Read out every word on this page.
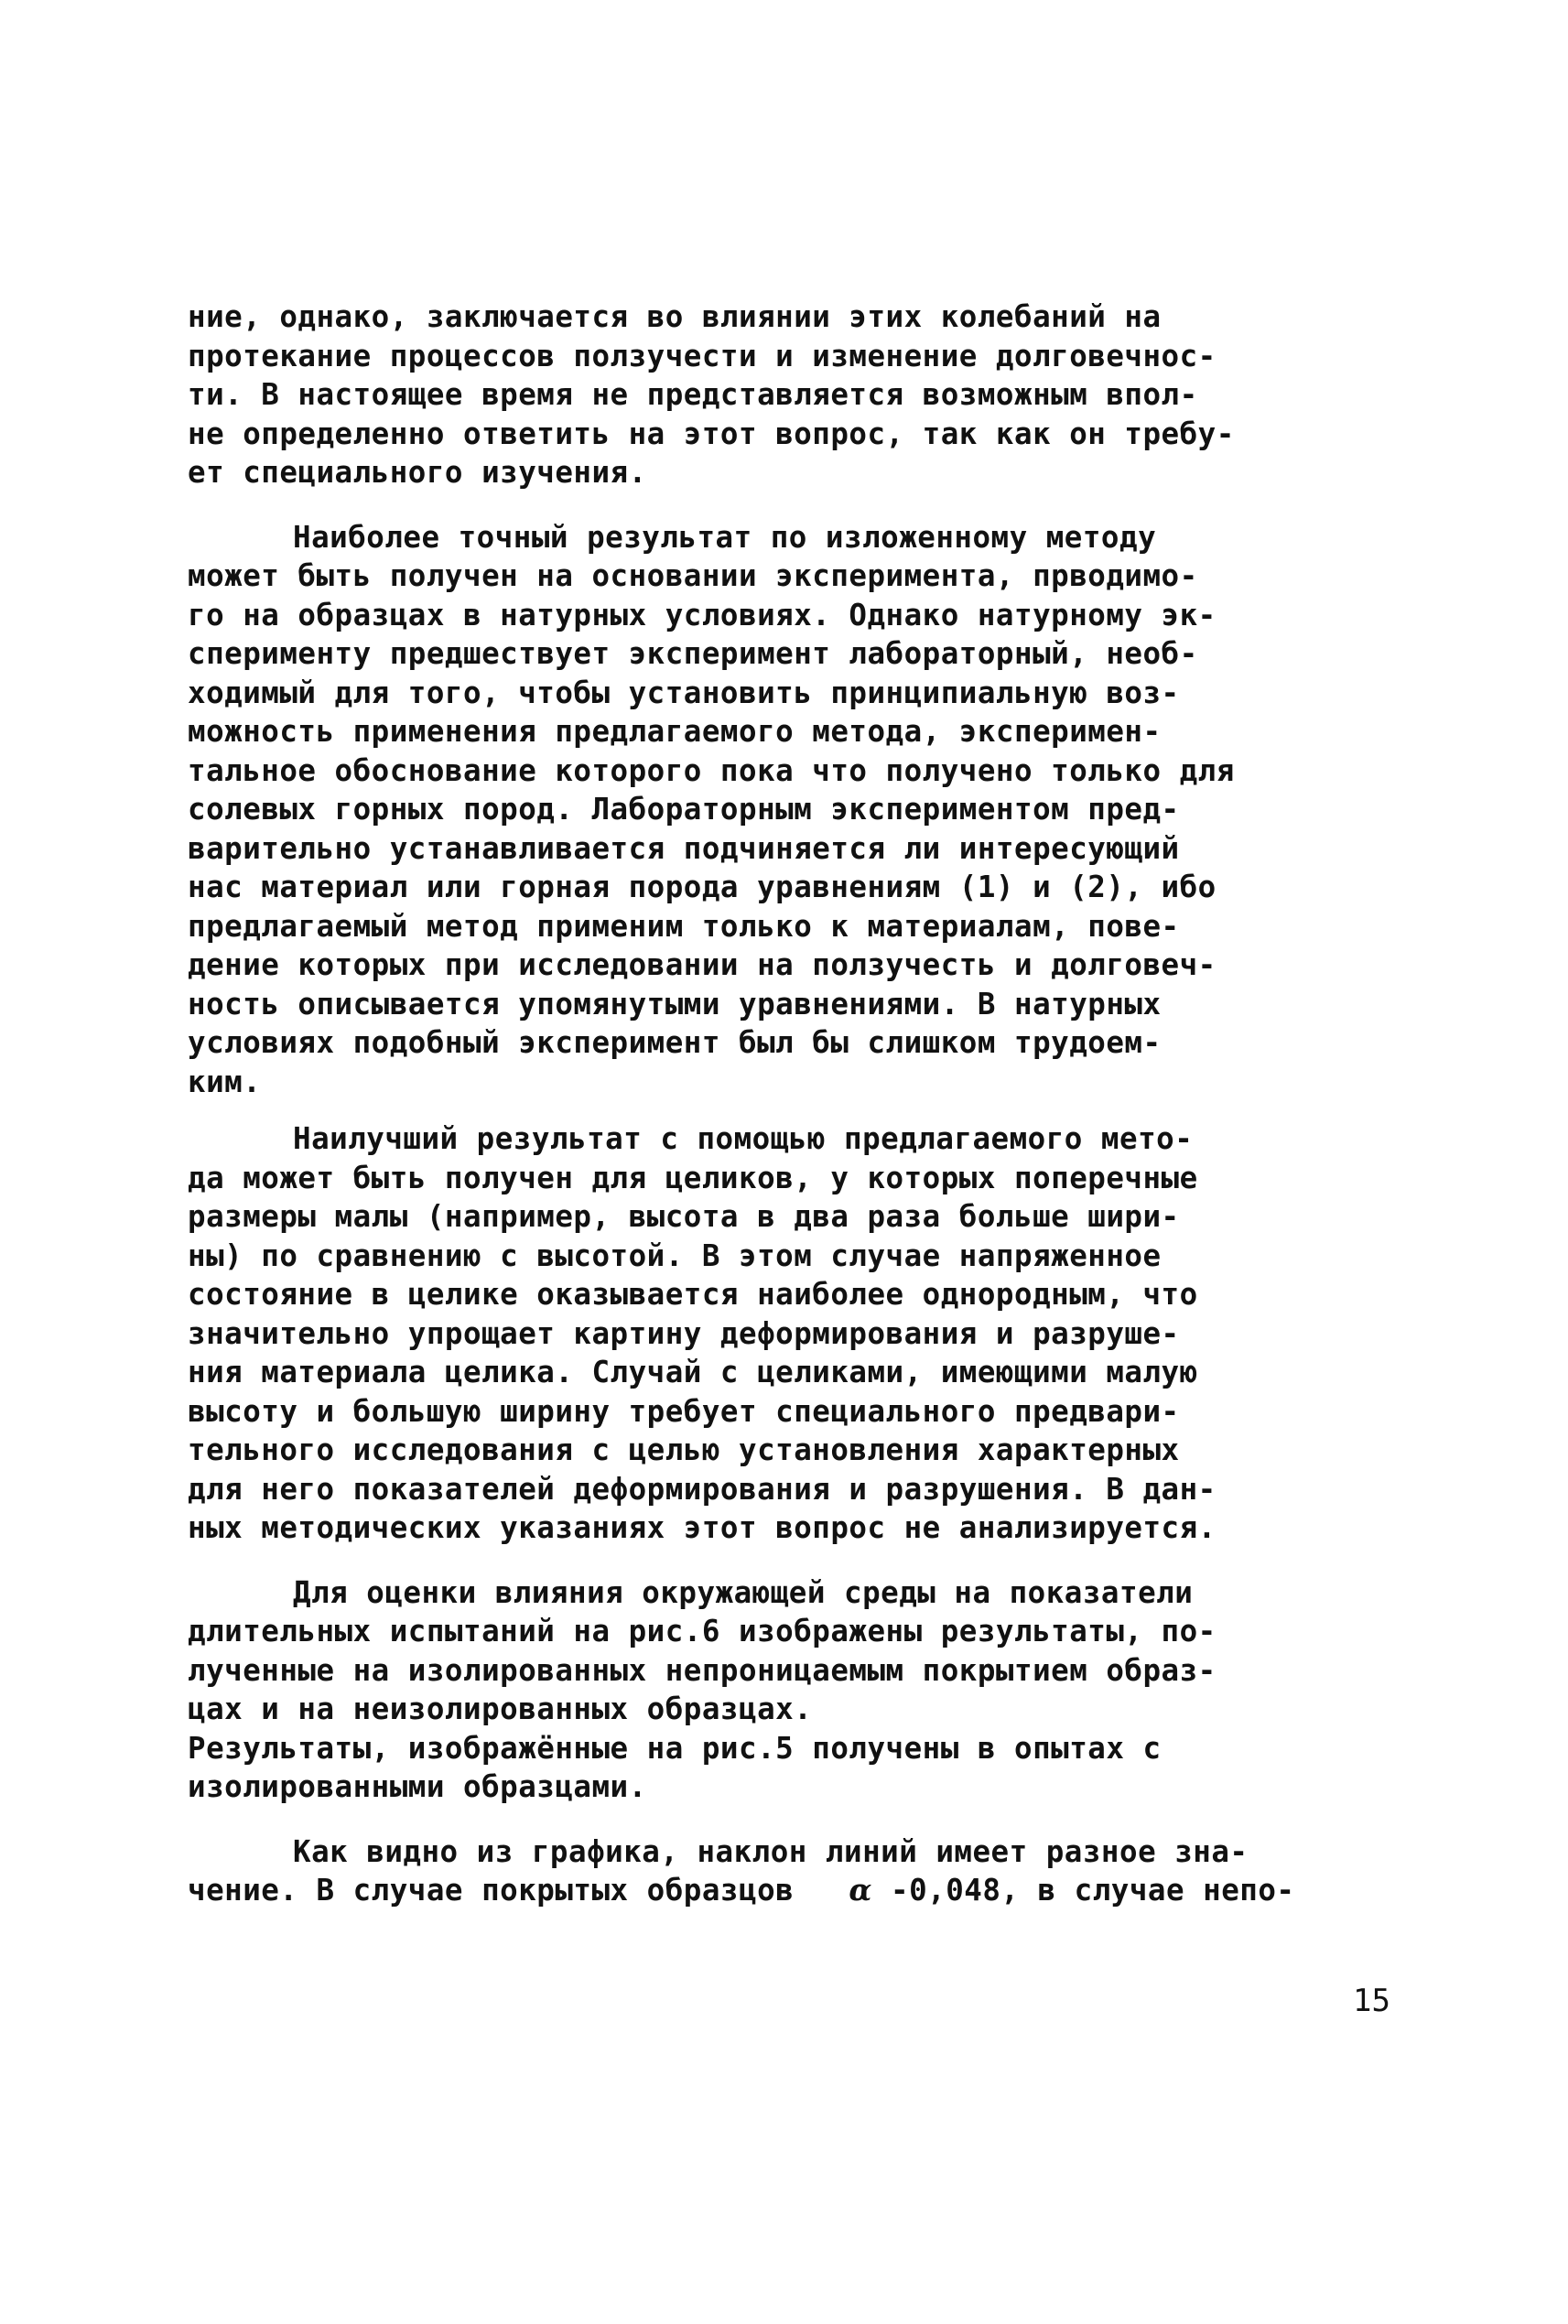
ние, однако, заключается во влиянии этих колебаний на
протекание процессов ползучести и изменение долговечнос-
ти. В настоящее время не представляется возможным впол-
не определенно ответить на этот вопрос, так как он требу-
ет специального изучения.
Наиболее точный результат по изложенному методу
может быть получен на основании эксперимента, прводимо-
го на образцах в натурных условиях. Однако натурному эк-
сперименту предшествует эксперимент лабораторный, необ-
ходимый для того, чтобы установить принципиальную воз-
можность применения предлагаемого метода, эксперимен-
тальное обоснование которого пока что получено только для
солевых горных пород. Лабораторным экспериментом пред-
варительно устанавливается подчиняется ли интересующий
нас материал или горная порода уравнениям (1) и (2), ибо
предлагаемый метод применим только к материалам, пове-
дение которых при исследовании на ползучесть и долговеч-
ность описывается упомянутыми уравнениями. В натурных
условиях подобный эксперимент был бы слишком трудоем-
ким.
Наилучший результат с помощью предлагаемого мето-
да может быть получен для целиков, у которых поперечные
размеры малы (например, высота в два раза больше шири-
ны) по сравнению с высотой. В этом случае напряженное
состояние в целике оказывается наиболее однородным, что
значительно упрощает картину деформирования и разруше-
ния материала целика. Случай с целиками, имеющими малую
высоту и большую ширину требует специального предвари-
тельного исследования с целью установления характерных
для него показателей деформирования и разрушения. В дан-
ных методических указаниях этот вопрос не анализируется.
Для оценки влияния окружающей среды на показатели
длительных испытаний на рис.6 изображены результаты, по-
лученные на изолированных непроницаемым покрытием образ-
цах и на неизолированных образцах.
Результаты, изображённые на рис.5 получены в опытах с
изолированными образцами.
Как видно из графика, наклон линий имеет разное зна-
чение. В случае покрытых образцов α -0,048, в случае непо-
15
